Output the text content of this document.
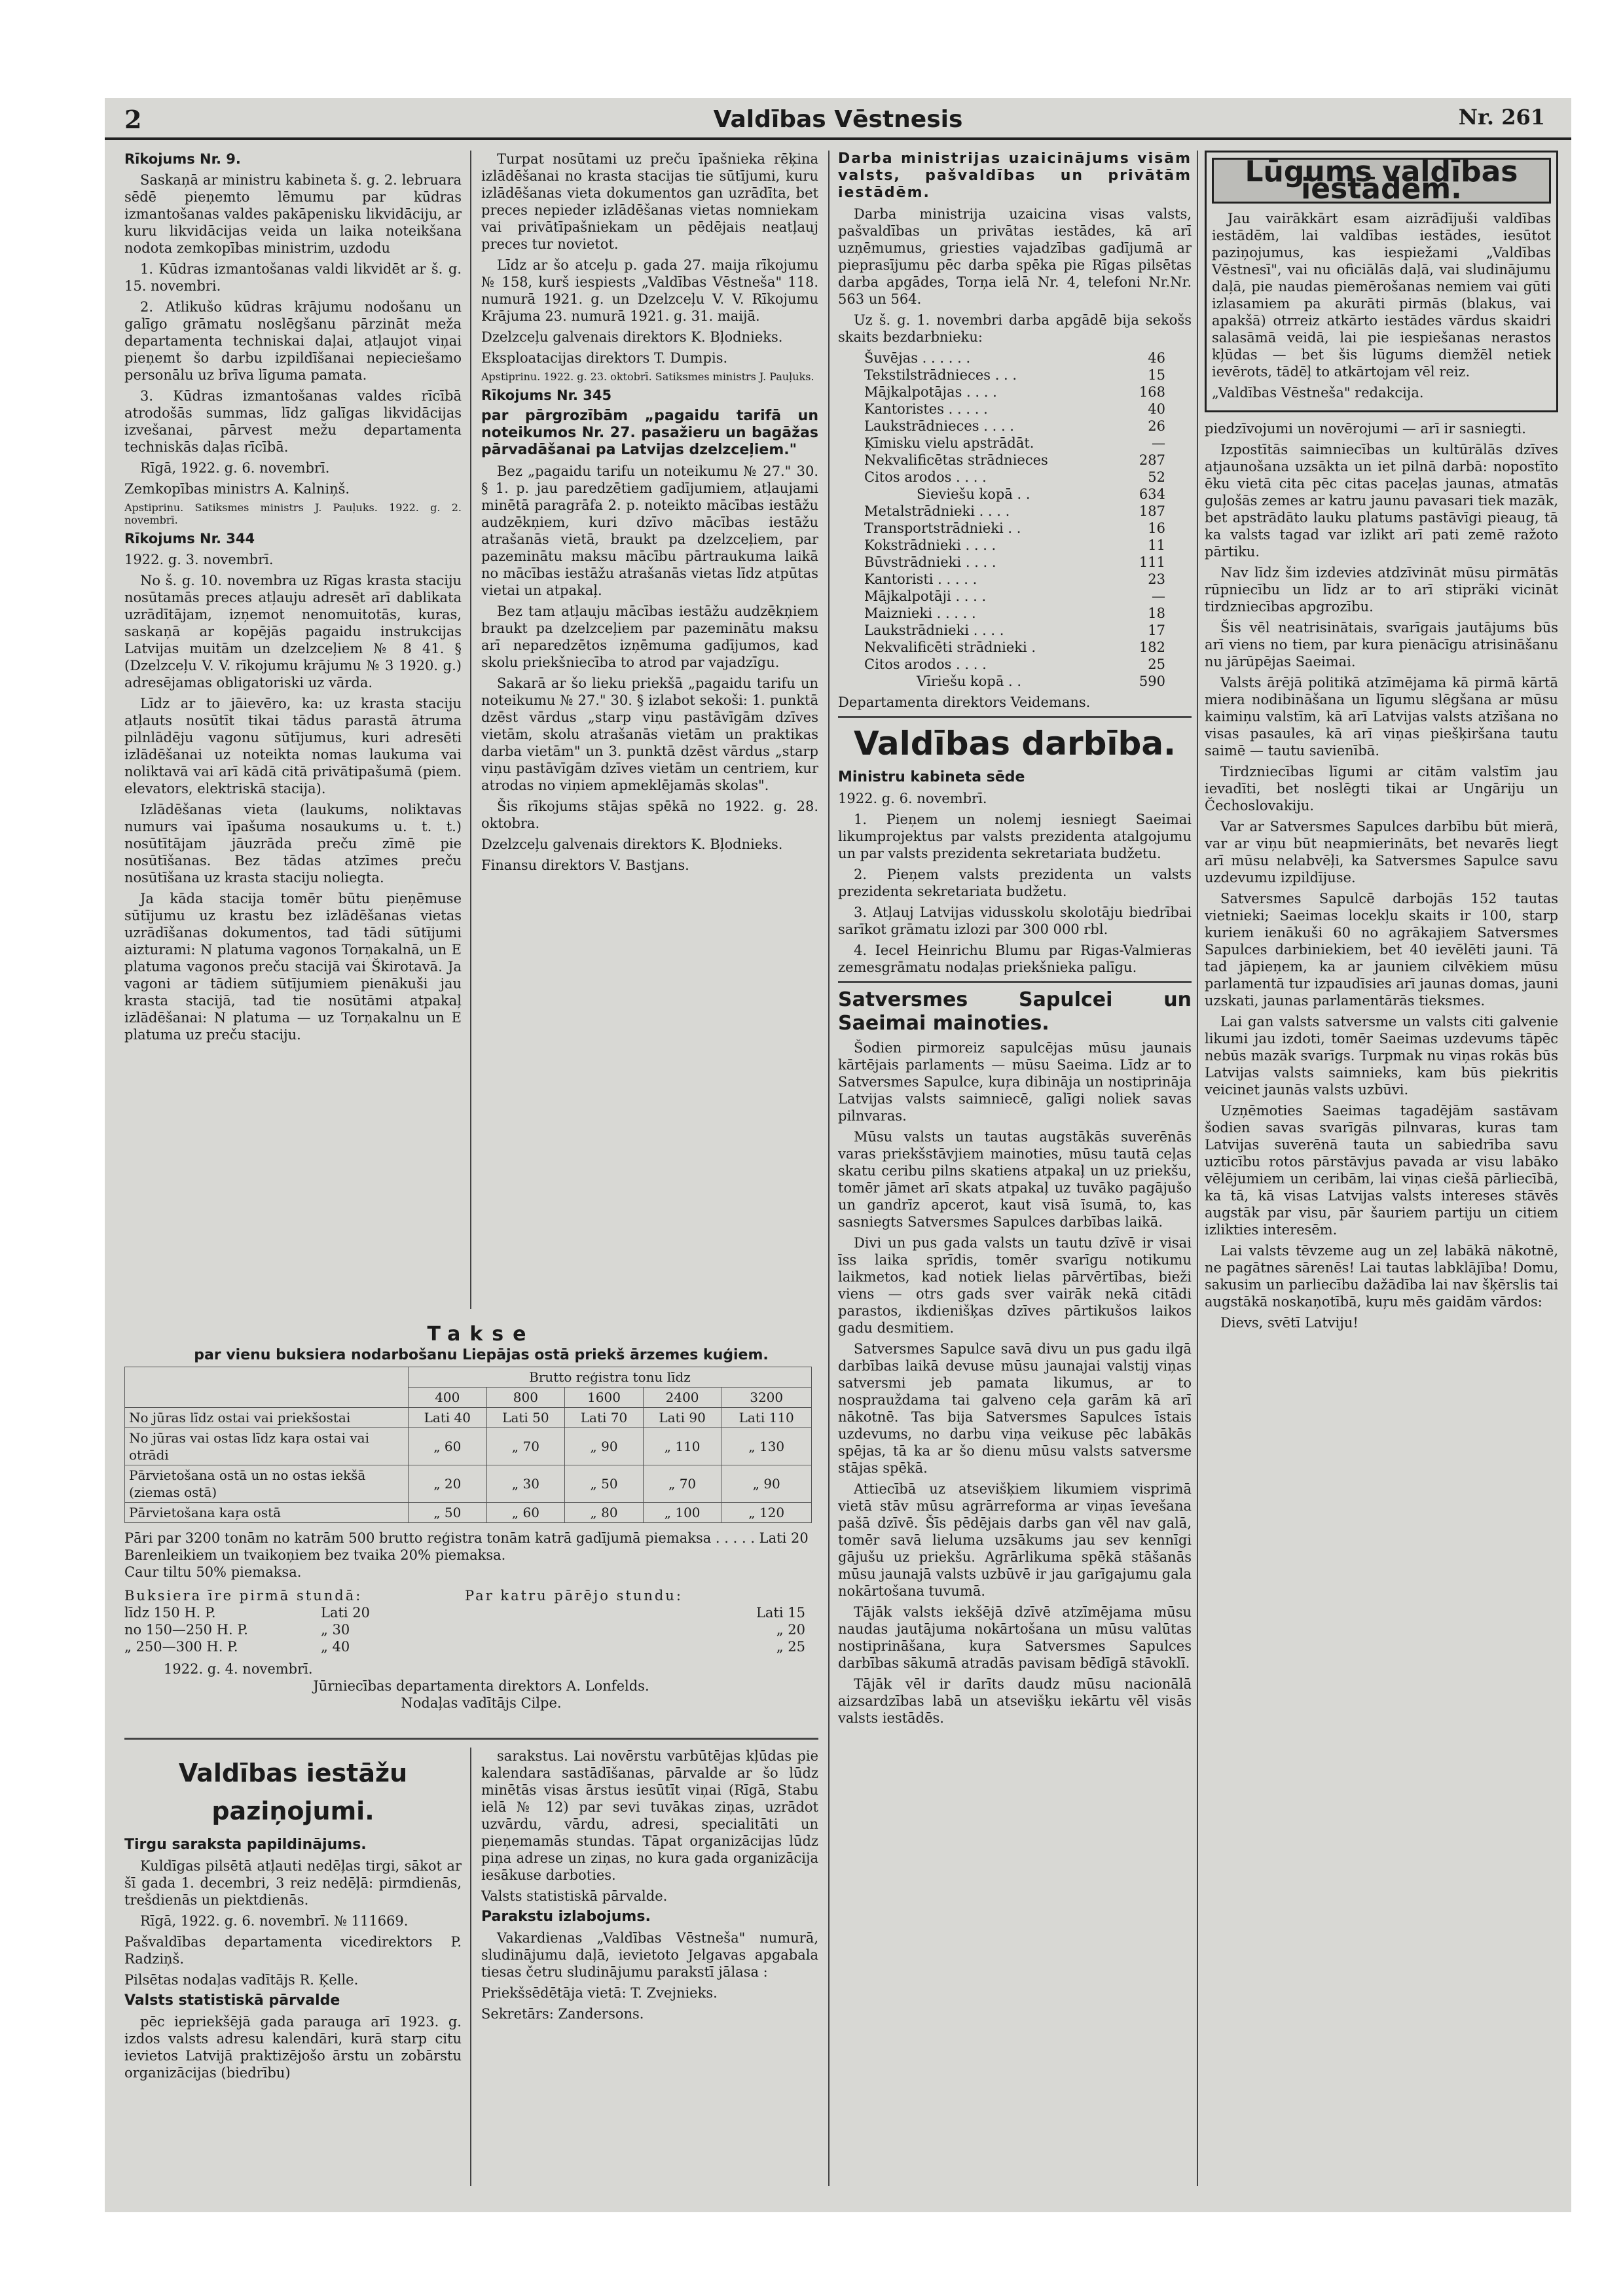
2	Valdības Vēstnesis	Nr. 261

Rīkojums Nr. 9.

Saskaņā ar ministru kabineta š. g. 2. lebruara sēdē pieņemto lēmumu par kūdras izmantošanas valdes pakāpenisku likvidāciju, ar kuru likvidācijas veida un laika noteikšana nodota zemkopības ministrim, uzdodu

1. Kūdras izmantošanas valdi likvidēt ar š. g. 15. novembri.

2. Atlikušo kūdras krājumu nodošanu un galīgo grāmatu noslēgšanu pārzināt meža departamenta techniskai daļai, atļaujot viņai pieņemt šo darbu izpildīšanai nepieciešamo personālu uz brīva līguma pamata.

3. Kūdras izmantošanas valdes rīcībā atrodošās summas, līdz galīgas likvidācijas izvešanai, pārvest mežu departamenta techniskās daļas rīcībā.

Rīgā, 1922. g. 6. novembrī.

Zemkopības ministrs A. Kalniņš.

Apstiprinu. Satiksmes ministrs J. Pauļuks. 1922. g. 2. novembrī.

Rīkojums Nr. 344

1922. g. 3. novembrī.

No š. g. 10. novembra uz Rīgas krasta staciju nosūtamās preces atļauju adresēt arī dablikata uzrādītājam, izņemot nenomuitotās, kuras, saskaņā ar kopējās pagaidu instrukcijas Latvijas muitām un dzelzceļiem № 8 41. § (Dzelzceļu V. V. rīkojumu krājumu № 3 1920. g.) adresējamas obligatoriski uz vārda.

Līdz ar to jāievēro, ka: uz krasta staciju atļauts nosūtīt tikai tādus parastā ātruma pilnlādēju vagonu sūtījumus, kuri adresēti izlādēšanai uz noteikta nomas laukuma vai noliktavā vai arī kādā citā privātipašumā (piem. elevators, elektriskā stacija).

Izlādēšanas vieta (laukums, noliktavas numurs vai īpašuma nosaukums u. t. t.) nosūtītājam jāuzrāda preču zīmē pie nosūtīšanas. Bez tādas atzīmes preču nosūtīšana uz krasta staciju noliegta.

Ja kāda stacija tomēr būtu pieņēmuse sūtījumu uz krastu bez izlādēšanas vietas uzrādīšanas dokumentos, tad tādi sūtījumi aizturami: N platuma vagonos Torņakalnā, un E platuma vagonos preču stacijā vai Škirotavā. Ja vagoni ar tādiem sūtījumiem pienākuši jau krasta stacijā, tad tie nosūtāmi atpakaļ izlādēšanai: N platuma — uz Torņakalnu un E platuma uz preču staciju.

Turpat nosūtami uz preču īpašnieka rēķina izlādēšanai no krasta stacijas tie sūtījumi, kuru izlādēšanas vieta dokumentos gan uzrādīta, bet preces nepieder izlādēšanas vietas nomniekam vai privātīpašniekam un pēdējais neatļauj preces tur novietot.

Līdz ar šo atceļu p. gada 27. maija rīkojumu № 158, kurš iespiests „Valdības Vēstneša" 118. numurā 1921. g. un Dzelzceļu V. V. Rīkojumu Krājuma 23. numurā 1921. g. 31. maijā.

Dzelzceļu galvenais direktors K. Bļodnieks.

Eksploatacijas direktors T. Dumpis.

Apstiprinu. 1922. g. 23. oktobrī. Satiksmes ministrs J. Pauļuks.

Rīkojums Nr. 345

par pārgrozībām „pagaidu tarifā un noteikumos Nr. 27. pasažieru un bagāžas pārvadāšanai pa Latvijas dzelzceļiem."

Bez „pagaidu tarifu un noteikumu № 27." 30. § 1. p. jau paredzētiem gadījumiem, atļaujami minētā paragrāfa 2. p. noteikto mācības iestāžu audzēkņiem, kuri dzīvo mācības iestāžu atrašanās vietā, braukt pa dzelzceļiem, par pazeminātu maksu mācību pārtraukuma laikā no mācības iestāžu atrašanās vietas līdz atpūtas vietai un atpakaļ.

Bez tam atļauju mācības iestāžu audzēkņiem braukt pa dzelzceļiem par pazeminātu maksu arī neparedzētos izņēmuma gadījumos, kad skolu priekšniecība to atrod par vajadzīgu.

Sakarā ar šo lieku priekšā „pagaidu tarifu un noteikumu № 27." 30. § izlabot sekoši: 1. punktā dzēst vārdus „starp viņu pastāvīgām dzīves vietām, skolu atrašanās vietām un praktikas darba vietām" un 3. punktā dzēst vārdus „starp viņu pastāvīgām dzīves vietām un centriem, kur atrodas no viņiem apmeklējamās skolas".

Šis rīkojums stājas spēkā no 1922. g. 28. oktobra.

Dzelzceļu galvenais direktors K. Bļodnieks.

Finansu direktors V. Bastjans.

Takse
par vienu buksiera nodarbošanu Liepājas ostā priekš ārzemes kuģiem.
	Brutto reģistra tonu līdz				
	400	800	1600	2400	3200
No jūras līdz ostai vai priekšostai	Lati 40	Lati 50	Lati 70	Lati 90	Lati 110
No jūras vai ostas līdz kaŗa ostai vai otrādi	„ 60	„ 70	„ 90	„ 110	„ 130
Pārvietošana ostā un no ostas iekšā (ziemas ostā)	„ 20	„ 30	„ 50	„ 70	„ 90
Pārvietošana kaŗa ostā	„ 50	„ 60	„ 80	„ 100	„ 120
Pāri par 3200 tonām no katrām 500 brutto reģistra tonām katrā gadījumā piemaksa . . . . . Lati 20
Barenleikiem un tvaikoņiem bez tvaika 20% piemaksa.
Caur tiltu 50% piemaksa.
Buksiera īre pirmā stundā:	Par katru pārējo stundu:
līdz 150 H. P.	Lati 20	Lati 15
no 150—250 H. P.	„ 30	„ 20
„ 250—300 H. P.	„ 40	„ 25
1922. g. 4. novembrī.
Jūrniecības departamenta direktors A. Lonfelds.
Nodaļas vadītājs Cilpe.
Valdības iestāžu paziņojumi.

Tirgu saraksta papildinājums.

Kuldīgas pilsētā atļauti nedēļas tirgi, sākot ar šī gada 1. decembri, 3 reiz nedēļā: pirmdienās, trešdienās un piektdienās.

Rīgā, 1922. g. 6. novembrī. № 111669.

Pašvaldības departamenta vicedirektors P. Radziņš.

Pilsētas nodaļas vadītājs R. Ķelle.

Valsts statistiskā pārvalde

pēc iepriekšējā gada parauga arī 1923. g. izdos valsts adresu kalendāri, kurā starp citu ievietos Latvijā praktizējošo ārstu un zobārstu organizācijas (biedrību)

sarakstus. Lai novērstu varbūtējas kļūdas pie kalendara sastādīšanas, pārvalde ar šo lūdz minētās visas ārstus iesūtīt viņai (Rīgā, Stabu ielā № 12) par sevi tuvākas ziņas, uzrādot uzvārdu, vārdu, adresi, specialitāti un pieņemamās stundas. Tāpat organizācijas lūdz piņa adrese un ziņas, no kura gada organizācija iesākuse darboties.

Valsts statistiskā pārvalde.

Parakstu izlabojums.

Vakardienas „Valdības Vēstneša" numurā, sludinājumu daļā, ievietoto Jelgavas apgabala tiesas četru sludinājumu parakstī jālasa :

Priekšsēdētāja vietā: T. Zvejnieks.

Sekretārs: Zandersons.

Darba ministrijas uzaicinājums visām valsts, pašvaldības un privātām iestādēm.

Darba ministrija uzaicina visas valsts, pašvaldības un privātas iestādes, kā arī uzņēmumus, griesties vajadzības gadījumā ar pieprasījumu pēc darba spēka pie Rīgas pilsētas darba apgādes, Torņa ielā Nr. 4, telefoni Nr.Nr. 563 un 564.

Uz š. g. 1. novembri darba apgādē bija sekošs skaits bezdarbnieku:

Šuvējas . . . . . .	46
Tekstilstrādnieces . . .	15
Mājkalpotājas . . . .	168
Kantoristes . . . . .	40
Laukstrādnieces . . . .	26
Ķīmisku vielu apstrādāt.	—
Nekvalificētas strādnieces	287
Citos arodos . . . .	52
Sieviešu kopā . .	634
Metalstrādnieki . . . .	187
Transportstrādnieki . .	16
Kokstrādnieki . . . .	11
Būvstrādnieki . . . .	111
Kantoristi . . . . .	23
Mājkalpotāji . . . .	—
Maiznieki . . . . .	18
Laukstrādnieki . . . .	17
Nekvalificēti strādnieki .	182
Citos arodos . . . .	25
Vīriešu kopā . .	590

Departamenta direktors Veidemans.

Valdības darbība.

Ministru kabineta sēde

1922. g. 6. novembrī.

1. Pieņem un nolemj iesniegt Saeimai likumprojektus par valsts prezidenta atalgojumu un par valsts prezidenta sekretariata budžetu.

2. Pieņem valsts prezidenta un valsts prezidenta sekretariata budžetu.

3. Atļauj Latvijas vidusskolu skolotāju biedrībai sarīkot grāmatu izlozi par 300 000 rbl.

4. Iecel Heinrichu Blumu par Rigas-Valmieras zemesgrāmatu nodaļas priekšnieka palīgu.

Satversmes Sapulcei un Saeimai mainoties.

Šodien pirmoreiz sapulcējas mūsu jaunais kārtējais parlaments — mūsu Saeima. Līdz ar to Satversmes Sapulce, kuŗa dibināja un nostiprināja Latvijas valsts saimniecē, galīgi noliek savas pilnvaras.

Mūsu valsts un tautas augstākās suverēnās varas priekšstāvjiem mainoties, mūsu tautā ceļas skatu ceribu pilns skatiens atpakaļ un uz priekšu, tomēr jāmet arī skats atpakaļ uz tuvāko pagājušo un gandrīz apcerot, kaut visā īsumā, to, kas sasniegts Satversmes Sapulces darbības laikā.

Divi un pus gada valsts un tautu dzīvē ir visai īss laika sprīdis, tomēr svarīgu notikumu laikmetos, kad notiek lielas pārvērtības, bieži viens — otrs gads sver vairāk nekā citādi parastos, ikdienišķas dzīves pārtikušos laikos gadu desmitiem.

Satversmes Sapulce savā divu un pus gadu ilgā darbības laikā devuse mūsu jaunajai valstij viņas satversmi jeb pamata likumus, ar to nosprauždama tai galveno ceļa garām kā arī nākotnē. Tas bija Satversmes Sapulces īstais uzdevums, no darbu viņa veikuse pēc labākās spējas, tā ka ar šo dienu mūsu valsts satversme stājas spēkā.

Attiecībā uz atsevišķiem likumiem visprimā vietā stāv mūsu agrārreforma ar viņas īevešana pašā dzīvē. Šīs pēdējais darbs gan vēl nav galā, tomēr savā lieluma uzsākums jau sev kennīgi gājušu uz priekšu. Agrārlikuma spēkā stāšanās mūsu jaunajā valsts uzbūvē ir jau garīgajumu gala nokārtošana tuvumā.

Tājāk valsts iekšējā dzīvē atzīmējama mūsu naudas jautājuma nokārtošana un mūsu valūtas nostiprināšana, kuŗa Satversmes Sapulces darbības sākumā atradās pavisam bēdīgā stāvoklī.

Tājāk vēl ir darīts daudz mūsu nacionālā aizsardzības labā un atsevišķu iekārtu vēl visās valsts iestādēs.

Lūgums valdības iestādēm.

Jau vairākkārt esam aizrādījuši valdības iestādēm, lai valdības iestādes, iesūtot paziņojumus, kas iespiežami „Valdības Vēstnesī", vai nu oficiālās daļā, vai sludinājumu daļā, pie naudas piemērošanas nemiem vai gūti izlasamiem pa akurāti pirmās (blakus, vai apakšā) otrreiz atkārto iestādes vārdus skaidri salasāmā veidā, lai pie iespiešanas nerastos kļūdas — bet šis lūgums diemžēl netiek ievērots, tādēļ to atkārtojam vēl reiz.

„Valdības Vēstneša" redakcija.

piedzīvojumi un novērojumi — arī ir sasniegti.

Izpostītās saimniecības un kultūrālās dzīves atjaunošana uzsākta un iet pilnā darbā: nopostīto ēku vietā cita pēc citas paceļas jaunas, atmatās guļošās zemes ar katru jaunu pavasari tiek mazāk, bet apstrādāto lauku platums pastāvīgi pieaug, tā ka valsts tagad var izlikt arī pati zemē ražoto pārtiku.

Nav līdz šim izdevies atdzīvināt mūsu pirmātās rūpniecību un līdz ar to arī stipräki vicināt tirdzniecības apgrozību.

Šis vēl neatrisinātais, svarīgais jautājums būs arī viens no tiem, par kura pienācīgu atrisināšanu nu jārūpējas Saeimai.

Valsts ārējā politikā atzīmējama kā pirmā kārtā miera nodibināšana un līgumu slēgšana ar mūsu kaimiņu valstīm, kā arī Latvijas valsts atzīšana no visas pasaules, kā arī viņas piešķiršana tautu saimē — tautu savienībā.

Tirdzniecības līgumi ar citām valstīm jau ievadīti, bet noslēgti tikai ar Ungāriju un Čechoslovakiju.

Var ar Satversmes Sapulces darbību būt mierā, var ar viņu būt neapmierināts, bet nevarēs liegt arī mūsu nelabvēļi, ka Satversmes Sapulce savu uzdevumu izpildījuse.

Satversmes Sapulcē darbojās 152 tautas vietnieki; Saeimas locekļu skaits ir 100, starp kuriem ienākuši 60 no agrākajiem Satversmes Sapulces darbiniekiem, bet 40 ievēlēti jauni. Tā tad jāpieņem, ka ar jauniem cilvēkiem mūsu parlamentā tur izpaudīsies arī jaunas domas, jauni uzskati, jaunas parlamentārās tieksmes.

Lai gan valsts satversme un valsts citi galvenie likumi jau izdoti, tomēr Saeimas uzdevums tāpēc nebūs mazāk svarīgs. Turpmak nu viņas rokās būs Latvijas valsts saimnieks, kam būs piekritis veicinet jaunās valsts uzbūvi.

Uzņēmoties Saeimas tagadējām sastāvam šodien savas svarīgās pilnvaras, kuras tam Latvijas suverēnā tauta un sabiedrība savu uzticību rotos pārstāvjus pavada ar visu labāko vēlējumiem un ceribām, lai viņas ciešā pārliecībā, ka tā, kā visas Latvijas valsts intereses stāvēs augstāk par visu, pār šauriem partiju un citiem izlikties interesēm.

Lai valsts tēvzeme aug un zeļ labākā nākotnē, ne pagātnes sārenēs! Lai tautas labklājība! Domu, sakusim un parliecību dažādība lai nav šķērslis tai augstākā noskaņotībā, kuŗu mēs gaidām vārdos:

Dievs, svētī Latviju!
